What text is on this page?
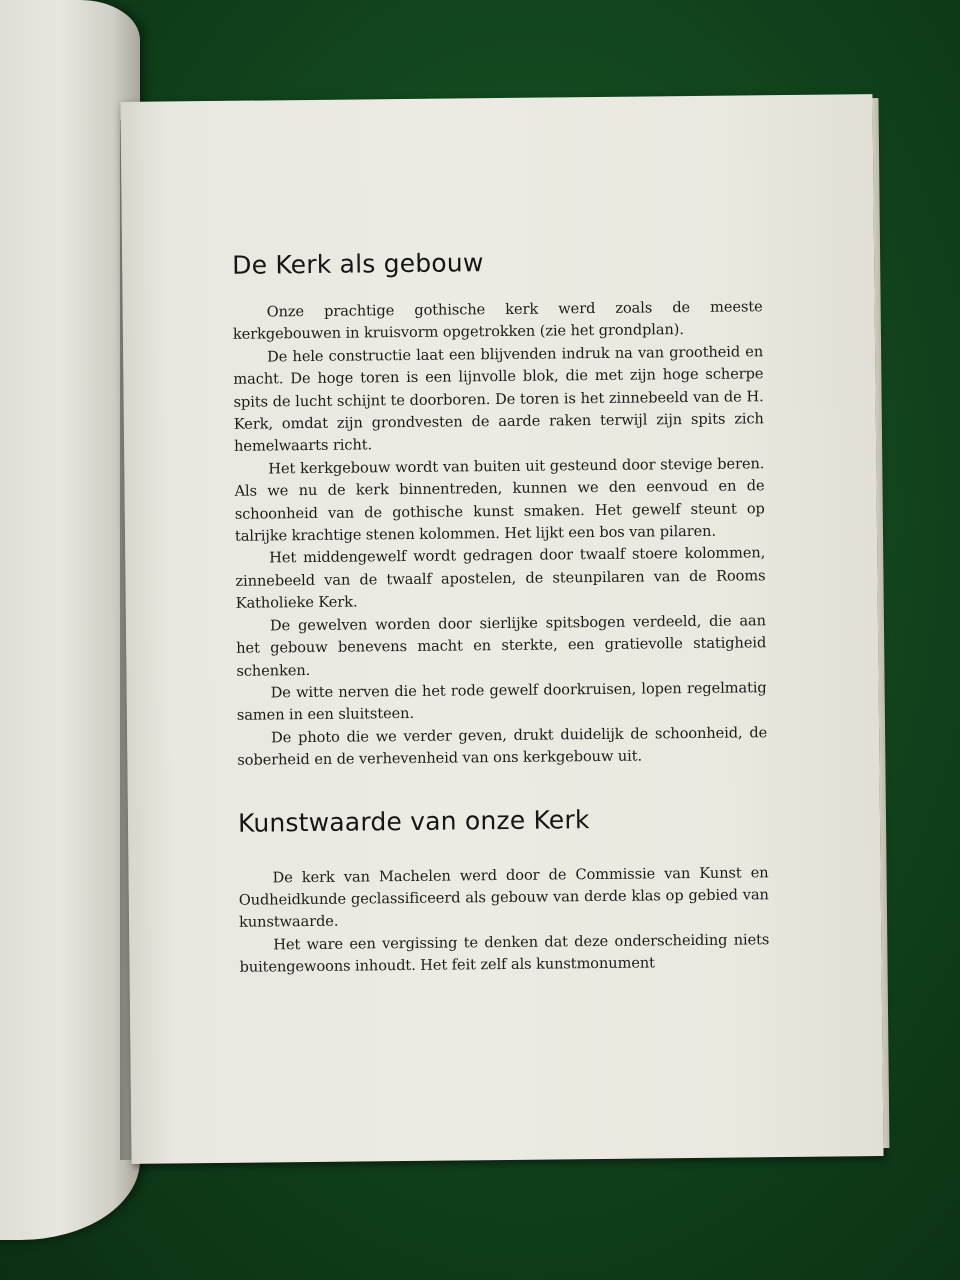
De Kerk als gebouw

Onze prachtige gothische kerk werd zoals de meeste kerkgebouwen in kruisvorm opgetrokken (zie het grondplan).

De hele constructie laat een blijvenden indruk na van grootheid en macht. De hoge toren is een lijnvolle blok, die met zijn hoge scherpe spits de lucht schijnt te doorboren. De toren is het zinnebeeld van de H. Kerk, omdat zijn grondvesten de aarde raken terwijl zijn spits zich hemelwaarts richt.

Het kerkgebouw wordt van buiten uit gesteund door stevige beren. Als we nu de kerk binnentreden, kunnen we den eenvoud en de schoonheid van de gothische kunst smaken. Het gewelf steunt op talrijke krachtige stenen kolommen. Het lijkt een bos van pilaren.

Het middengewelf wordt gedragen door twaalf stoere kolommen, zinnebeeld van de twaalf apostelen, de steunpilaren van de Rooms Katholieke Kerk.

De gewelven worden door sierlijke spitsbogen verdeeld, die aan het gebouw benevens macht en sterkte, een gratievolle statigheid schenken.

De witte nerven die het rode gewelf doorkruisen, lopen regelmatig samen in een sluitsteen.

De photo die we verder geven, drukt duidelijk de schoonheid, de soberheid en de verhevenheid van ons kerkgebouw uit.

Kunstwaarde van onze Kerk

De kerk van Machelen werd door de Commissie van Kunst en Oudheidkunde geclassificeerd als gebouw van derde klas op gebied van kunstwaarde.

Het ware een vergissing te denken dat deze onderscheiding niets buitengewoons inhoudt. Het feit zelf als kunstmonument
